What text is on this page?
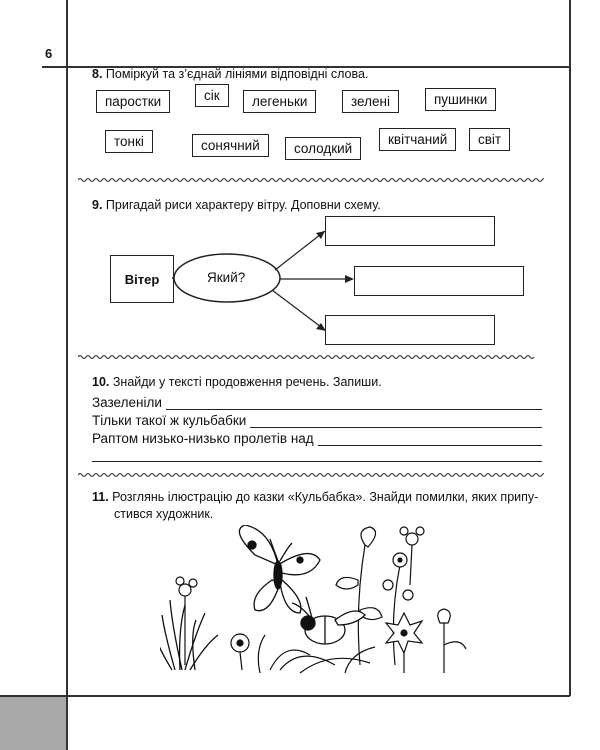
6
8. Поміркуй та з’єднай лініями відповідні слова.
паростки	сік	легеньки	зелені	пушинки
тонкі	сонячний	солодкий
квітчаний	світ
9. Пригадай риси характеру вітру. Доповни схему.
Вітер	Який?
10. Знайди у тексті продовження речень. Запиши.
Зазеленіли
Тільки такої ж кульбабки
Раптом низько-низько пролетів над
11. Розглянь ілюстрацію до казки «Кульбабка». Знайди помилки, яких припу-
стився художник.
